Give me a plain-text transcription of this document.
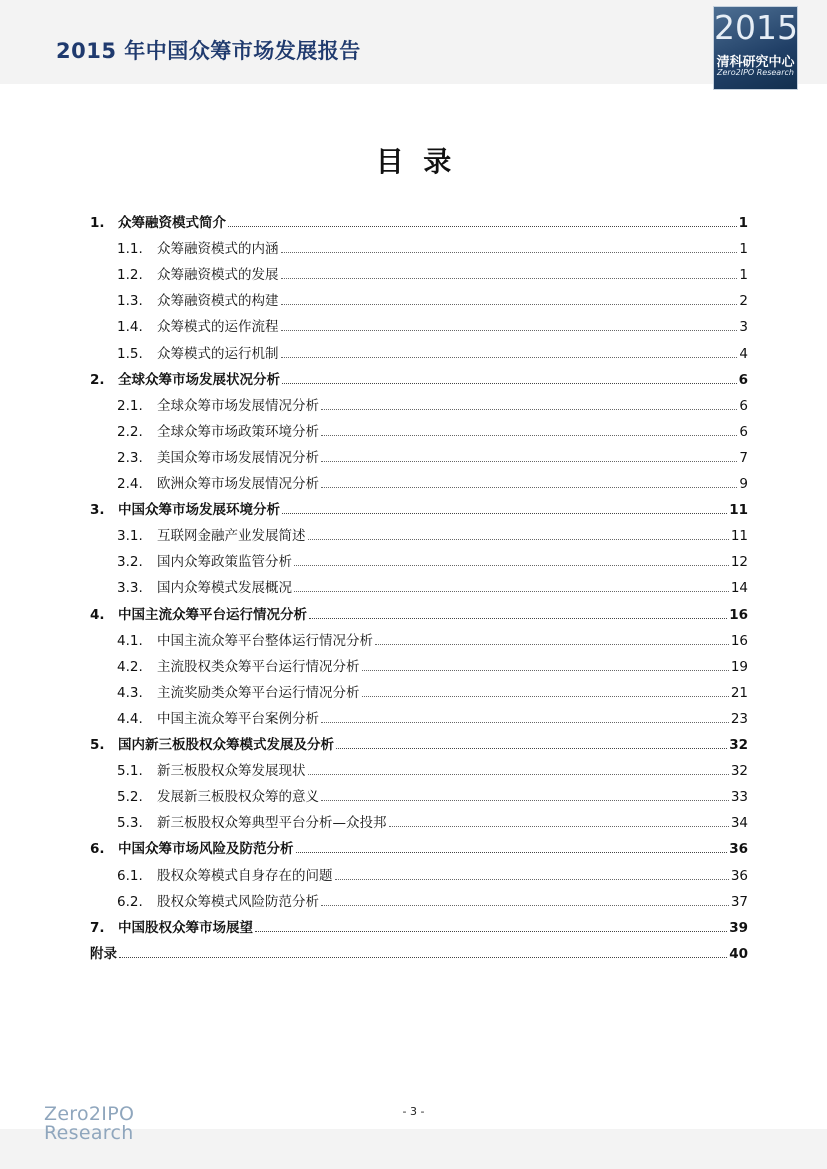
2015 年中国众筹市场发展报告
2015
清科研究中心
Zero2IPO Research
目  录
1. 众筹融资模式简介	1
1.1.	众筹融资模式的内涵	1
1.2.	众筹融资模式的发展	1
1.3.	众筹融资模式的构建	2
1.4.	众筹模式的运作流程	3
1.5.	众筹模式的运行机制	4
2. 全球众筹市场发展状况分析	6
2.1.	全球众筹市场发展情况分析	6
2.2.	全球众筹市场政策环境分析	6
2.3.	美国众筹市场发展情况分析	7
2.4.	欧洲众筹市场发展情况分析	9
3. 中国众筹市场发展环境分析	11
3.1.	互联网金融产业发展简述	11
3.2.	国内众筹政策监管分析	12
3.3.	国内众筹模式发展概况	14
4. 中国主流众筹平台运行情况分析	16
4.1.	中国主流众筹平台整体运行情况分析	16
4.2.	主流股权类众筹平台运行情况分析	19
4.3.	主流奖励类众筹平台运行情况分析	21
4.4.	中国主流众筹平台案例分析	23
5. 国内新三板股权众筹模式发展及分析	32
5.1.	新三板股权众筹发展现状	32
5.2.	发展新三板股权众筹的意义	33
5.3.	新三板股权众筹典型平台分析—众投邦	34
6. 中国众筹市场风险及防范分析	36
6.1.	股权众筹模式自身存在的问题	36
6.2.	股权众筹模式风险防范分析	37
7. 中国股权众筹市场展望	39
附录	40
- 3 -
Zero2IPO
Research
